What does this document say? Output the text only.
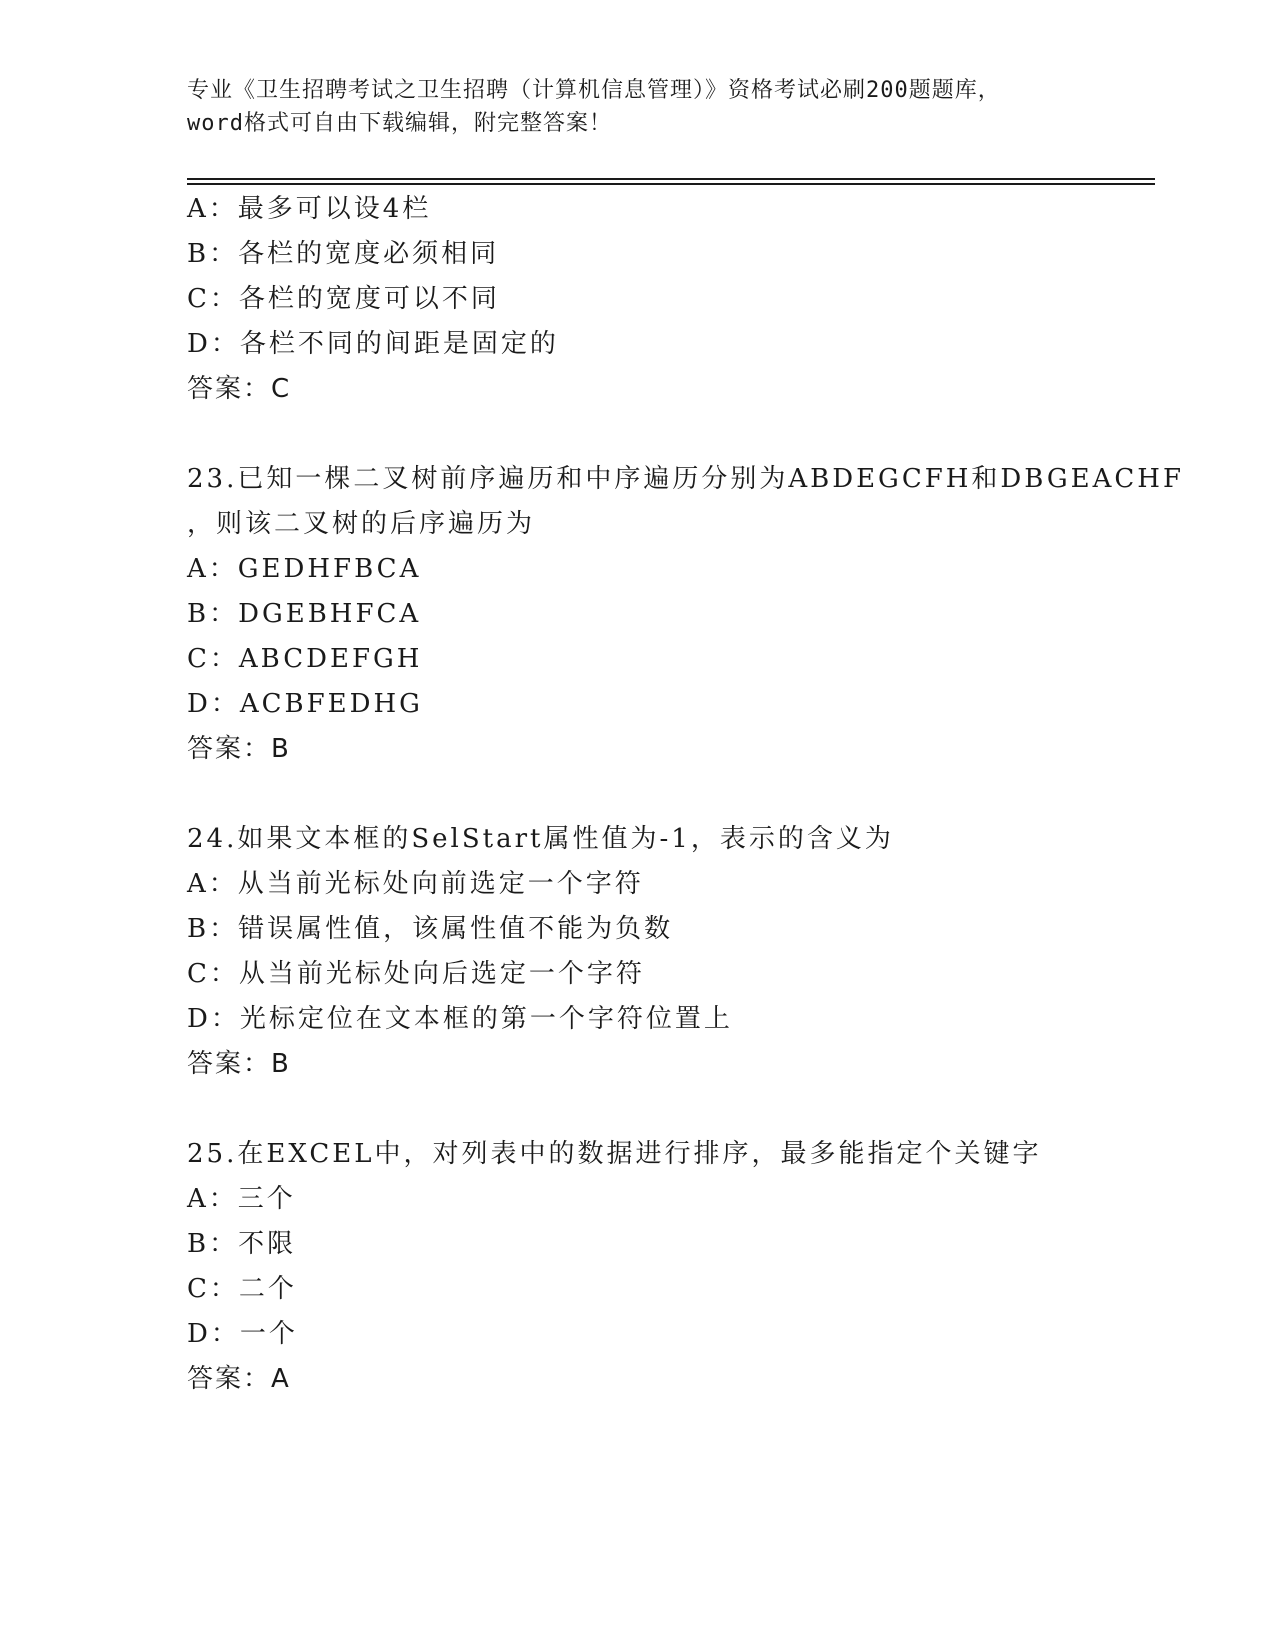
专业《卫生招聘考试之卫生招聘（计算机信息管理）》资格考试必刷200题题库，
word格式可自由下载编辑，附完整答案！
A：最多可以设4栏
B：各栏的宽度必须相同
C：各栏的宽度可以不同
D：各栏不同的间距是固定的
答案：C
23.已知一棵二叉树前序遍历和中序遍历分别为ABDEGCFH和DBGEACHF
，则该二叉树的后序遍历为
A：GEDHFBCA
B：DGEBHFCA
C：ABCDEFGH
D：ACBFEDHG
答案：B
24.如果文本框的SelStart属性值为-1，表示的含义为
A：从当前光标处向前选定一个字符
B：错误属性值，该属性值不能为负数
C：从当前光标处向后选定一个字符
D：光标定位在文本框的第一个字符位置上
答案：B
25.在EXCEL中，对列表中的数据进行排序，最多能指定个关键字
A：三个
B：不限
C：二个
D：一个
答案：A
